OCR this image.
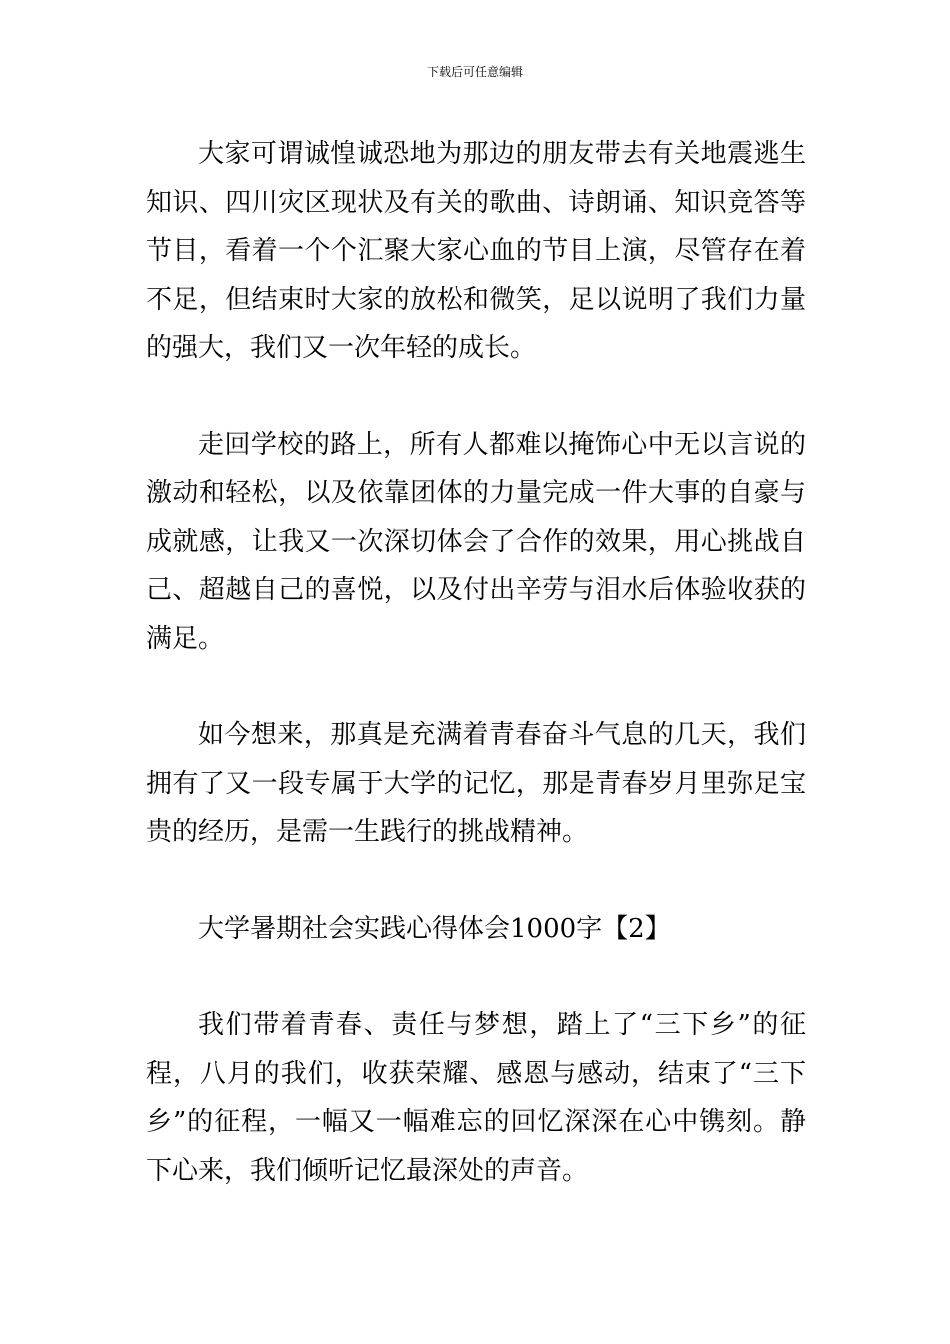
下载后可任意编辑

大家可谓诚惶诚恐地为那边的朋友带去有关地震逃生知识、四川灾区现状及有关的歌曲、诗朗诵、知识竞答等节目，看着一个个汇聚大家心血的节目上演，尽管存在着不足，但结束时大家的放松和微笑，足以说明了我们力量的强大，我们又一次年轻的成长。

走回学校的路上，所有人都难以掩饰心中无以言说的激动和轻松，以及依靠团体的力量完成一件大事的自豪与成就感，让我又一次深切体会了合作的效果，用心挑战自己、超越自己的喜悦，以及付出辛劳与泪水后体验收获的满足。

如今想来，那真是充满着青春奋斗气息的几天，我们拥有了又一段专属于大学的记忆，那是青春岁月里弥足宝贵的经历，是需一生践行的挑战精神。

大学暑期社会实践心得体会1000字【2】

我们带着青春、责任与梦想，踏上了“三下乡”的征程，八月的我们，收获荣耀、感恩与感动，结束了“三下乡”的征程，一幅又一幅难忘的回忆深深在心中镌刻。静下心来，我们倾听记忆最深处的声音。
